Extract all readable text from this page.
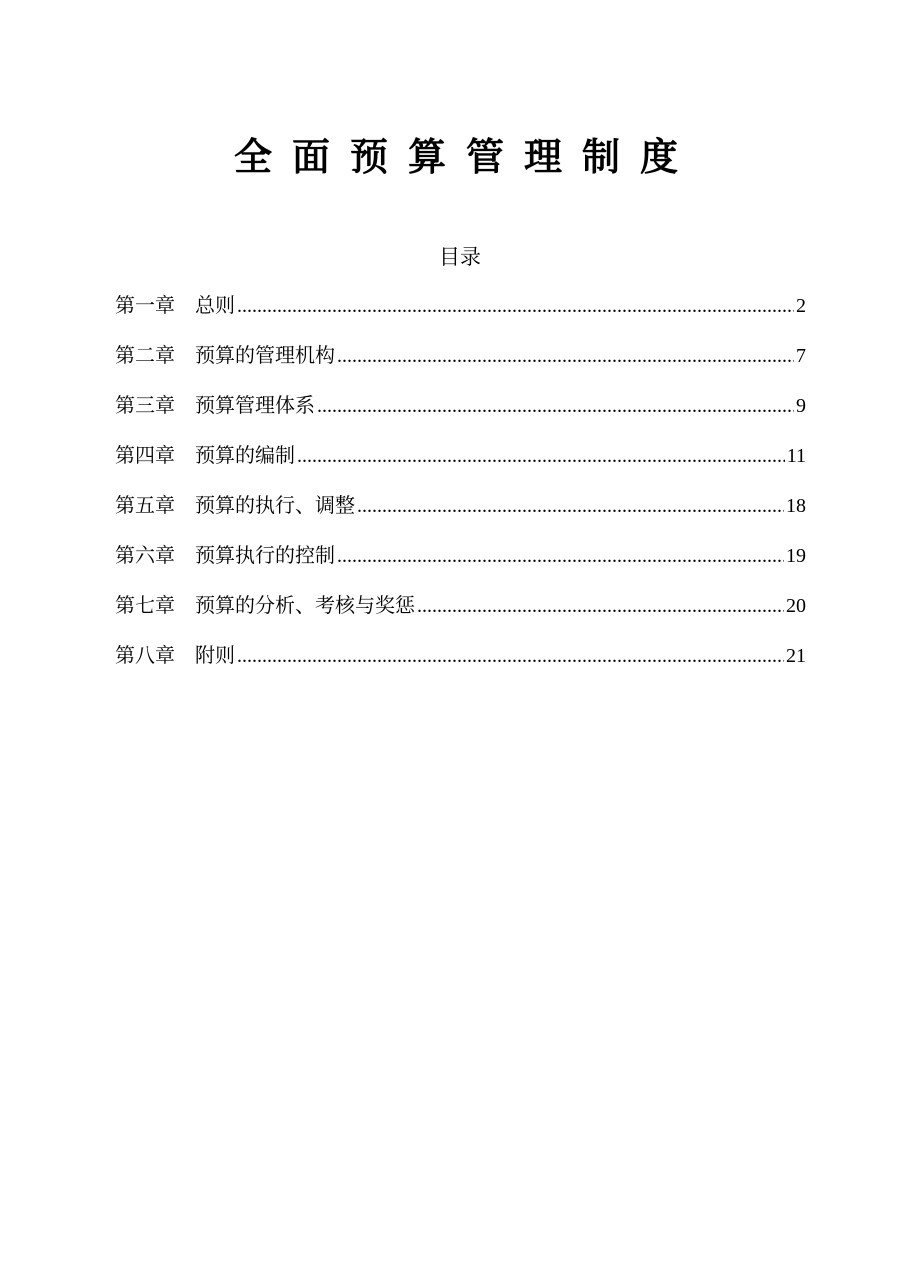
全面预算管理制度
目录
第一章 总则 .....	2
第二章 预算的管理机构 .....	7
第三章 预算管理体系 .....	9
第四章 预算的编制 .....	11
第五章 预算的执行、调整 .....	18
第六章 预算执行的控制 .....	19
第七章 预算的分析、考核与奖惩 .....	20
第八章 附则 .....	21
